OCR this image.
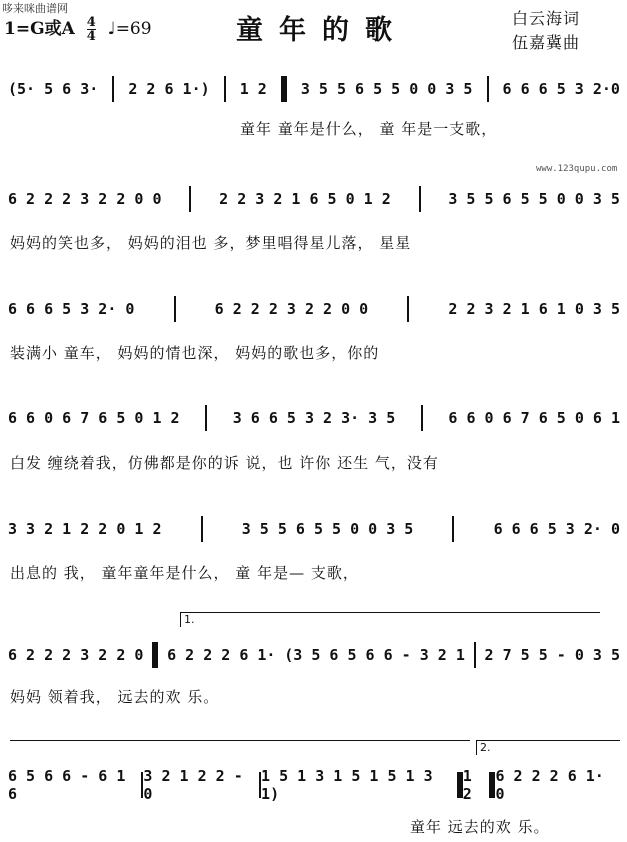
哆来咪曲谱网
www.123qupu.com
1=G或A $\frac{4}{4}$ ♩=69	童年的歌	白云海词
伍嘉冀曲
(5· 5 6 3· 2 2 6 1·) 1 2 3 5 5 6 5 5 0 0 3 5 6 6 6 5 3 2·0
童年 童年是什么， 童 年是一支歌，
6 2 2 2 3 2 2 0 0	2 2 3 2 1 6 5 0 1 2	3 5 5 6 5 5 0 0 3 5
妈妈的笑也多， 妈妈的泪也 多，梦里唱得星儿落， 星星
6 6 6 5 3 2· 0	6 2 2 2 3 2 2 0 0	2 2 3 2 1 6 1 0 3 5
装满小 童车， 妈妈的情也深， 妈妈的歌也多，你的
6 6 0 6 7 6 5 0 1 2	3 6 6 5 3 2 3· 3 5	6 6 0 6 7 6 5 0 6 1
白发 缠绕着我，仿佛都是你的诉 说，也 许你 还生 气，没有
3 3 2 1 2 2 0 1 2	3 5 5 6 5 5 0 0 3 5	6 6 6 5 3 2· 0
出息的 我， 童年童年是什么， 童 年是— 支歌，
1.
6 2 2 2 3 2 2 0 6 2 2 2 6 1· (3 5 6 5 6 6 - 3 2 1 2 7 5 5 - 0 3 5
妈妈 领着我， 远去的欢 乐。
2.
6 5 6 6 - 6 1 6
3 2 1 2 2 - 0
1 5 1 3 1 5 1 5 1 3 1)
1 2
6 2 2 2 6 1· 0
童年 远去的欢 乐。
